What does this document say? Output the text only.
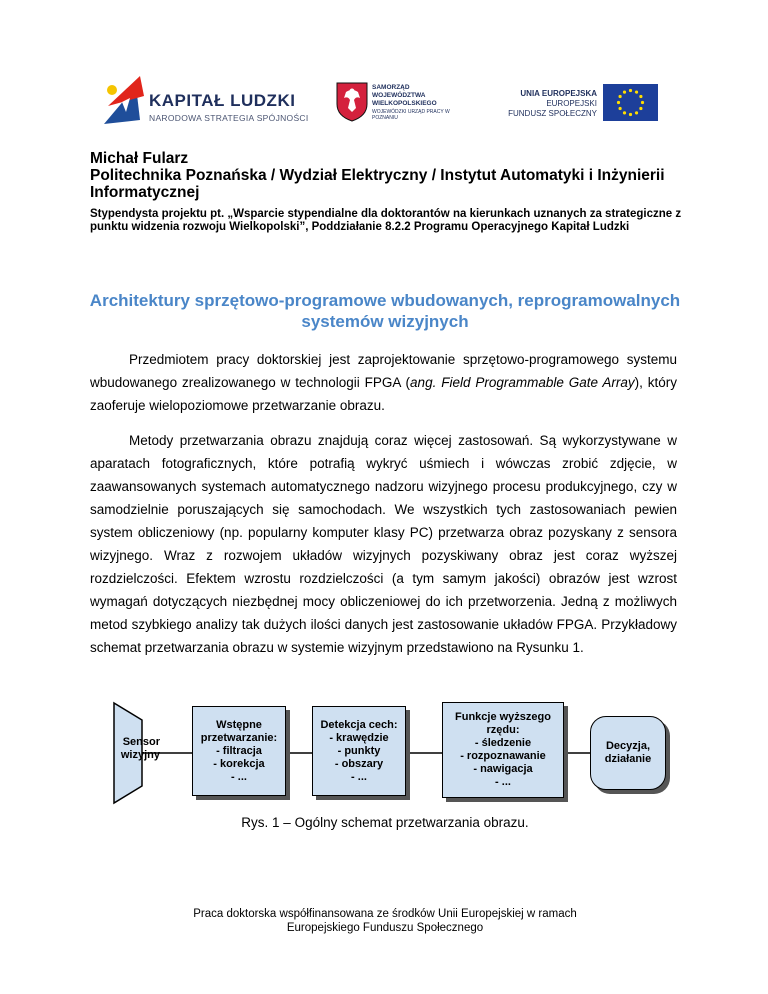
KAPITAŁ LUDZKI
NARODOWA STRATEGIA SPÓJNOŚCI
SAMORZĄD WOJEWÓDZTWA WIELKOPOLSKIEGO
WOJEWÓDZKI URZĄD PRACY W POZNANIU
UNIA EUROPEJSKA
EUROPEJSKI
FUNDUSZ SPOŁECZNY
Michał Fularz
Politechnika Poznańska / Wydział Elektryczny / Instytut Automatyki i Inżynierii Informatycznej
Stypendysta projektu pt. „Wsparcie stypendialne dla doktorantów na kierunkach uznanych za strategiczne z punktu widzenia rozwoju Wielkopolski”, Poddziałanie 8.2.2 Programu Operacyjnego Kapitał Ludzki
Architektury sprzętowo-programowe wbudowanych, reprogramowalnych systemów wizyjnych
Przedmiotem pracy doktorskiej jest zaprojektowanie sprzętowo-programowego systemu wbudowanego zrealizowanego w technologii FPGA (ang. Field Programmable Gate Array), który zaoferuje wielopoziomowe przetwarzanie obrazu.
Metody przetwarzania obrazu znajdują coraz więcej zastosowań. Są wykorzystywane w aparatach fotograficznych, które potrafią wykryć uśmiech i wówczas zrobić zdjęcie, w zaawansowanych systemach automatycznego nadzoru wizyjnego procesu produkcyjnego, czy w samodzielnie poruszających się samochodach. We wszystkich tych zastosowaniach pewien system obliczeniowy (np. popularny komputer klasy PC) przetwarza obraz pozyskany z sensora wizyjnego. Wraz z rozwojem układów wizyjnych pozyskiwany obraz jest coraz wyższej rozdzielczości. Efektem wzrostu rozdzielczości (a tym samym jakości) obrazów jest wzrost wymagań dotyczących niezbędnej mocy obliczeniowej do ich przetworzenia. Jedną z możliwych metod szybkiego analizy tak dużych ilości danych jest zastosowanie układów FPGA. Przykładowy schemat przetwarzania obrazu w systemie wizyjnym przedstawiono na Rysunku 1.
Sensor
wizyjny
Wstępne
przetwarzanie:
- filtracja
- korekcja
- ...
Detekcja cech:
- krawędzie
- punkty
- obszary
- ...
Funkcje wyższego
rzędu:
- śledzenie
- rozpoznawanie
- nawigacja
- ...
Decyzja,
działanie
Rys. 1 – Ogólny schemat przetwarzania obrazu.
Praca doktorska współfinansowana ze środków Unii Europejskiej w ramach
Europejskiego Funduszu Społecznego
